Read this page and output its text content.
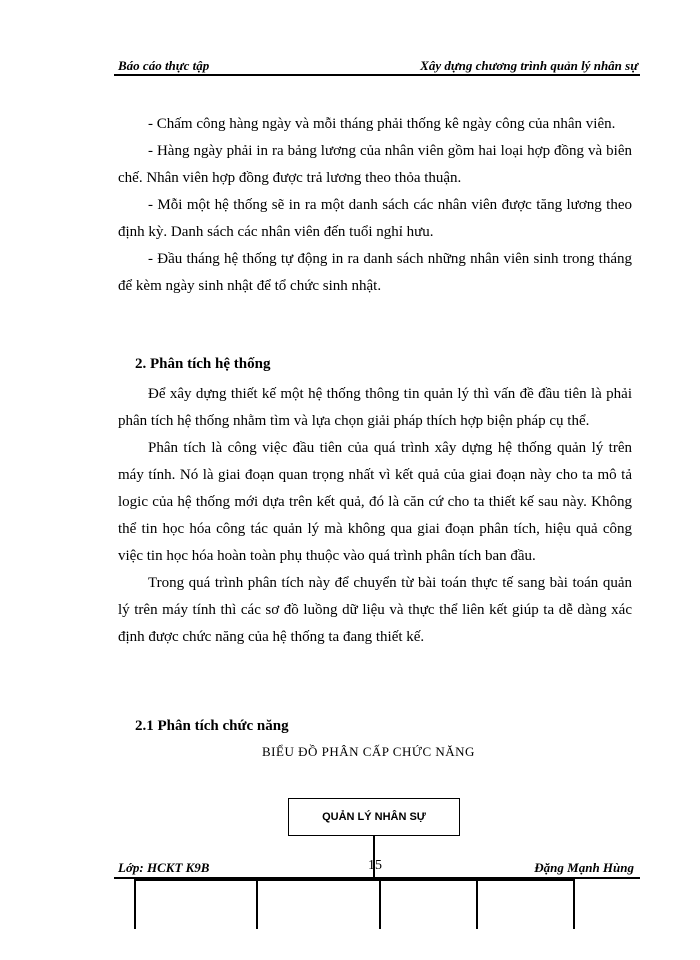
Báo cáo thực tập	Xây dựng chương trình quản lý nhân sự

- Chấm công hàng ngày và mỗi tháng phải thống kê ngày công của nhân viên.

- Hàng ngày phải in ra bảng lương của nhân viên gồm hai loại hợp đồng và biên chế. Nhân viên hợp đồng được trả lương theo thỏa thuận.

- Mỗi một hệ thống sẽ in ra một danh sách các nhân viên được tăng lương theo định kỳ. Danh sách các nhân viên đến tuổi nghỉ hưu.

- Đầu tháng hệ thống tự động in ra danh sách những nhân viên sinh trong tháng để kèm ngày sinh nhật để tổ chức sinh nhật.

2. Phân tích hệ thống

Để xây dựng thiết kế một hệ thống thông tin quản lý thì vấn đề đầu tiên là phải phân tích hệ thống nhằm tìm và lựa chọn giải pháp thích hợp biện pháp cụ thể.

Phân tích là công việc đầu tiên của quá trình xây dựng hệ thống quản lý trên máy tính. Nó là giai đoạn quan trọng nhất vì kết quả của giai đoạn này cho ta mô tả logic của hệ thống mới dựa trên kết quả, đó là căn cứ cho ta thiết kế sau này. Không thể tin học hóa công tác quản lý mà không qua giai đoạn phân tích, hiệu quả công việc tin học hóa hoàn toàn phụ thuộc vào quá trình phân tích ban đầu.

Trong quá trình phân tích này để chuyển từ bài toán thực tế sang bài toán quản lý trên máy tính thì các sơ đồ luồng dữ liệu và thực thể liên kết giúp ta dễ dàng xác định được chức năng của hệ thống ta đang thiết kế.

2.1 Phân tích chức năng
BIỂU ĐỒ PHÂN CẤP CHỨC NĂNG
QUẢN LÝ NHÂN SỰ
Lớp: HCKT K9B	15	Đặng Mạnh Hùng
